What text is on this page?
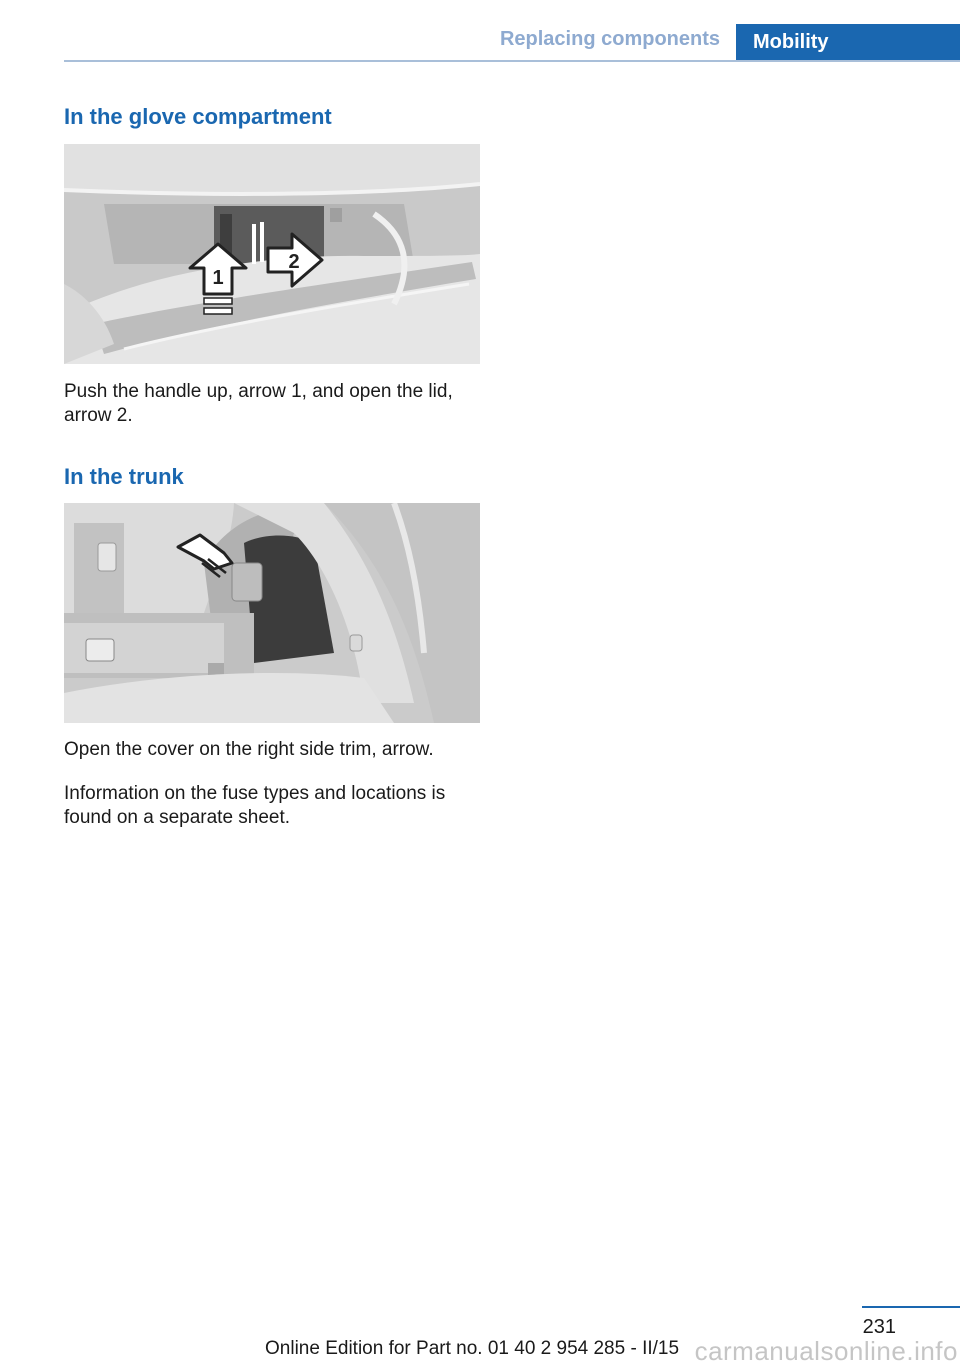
Replacing components	Mobility
In the glove compartment
1
2

Push the handle up, arrow 1, and open the lid, arrow 2.

In the trunk

Open the cover on the right side trim, arrow.

Information on the fuse types and locations is found on a separate sheet.

231
Online Edition for Part no. 01 40 2 954 285 - II/15 carmanualsonline.info
